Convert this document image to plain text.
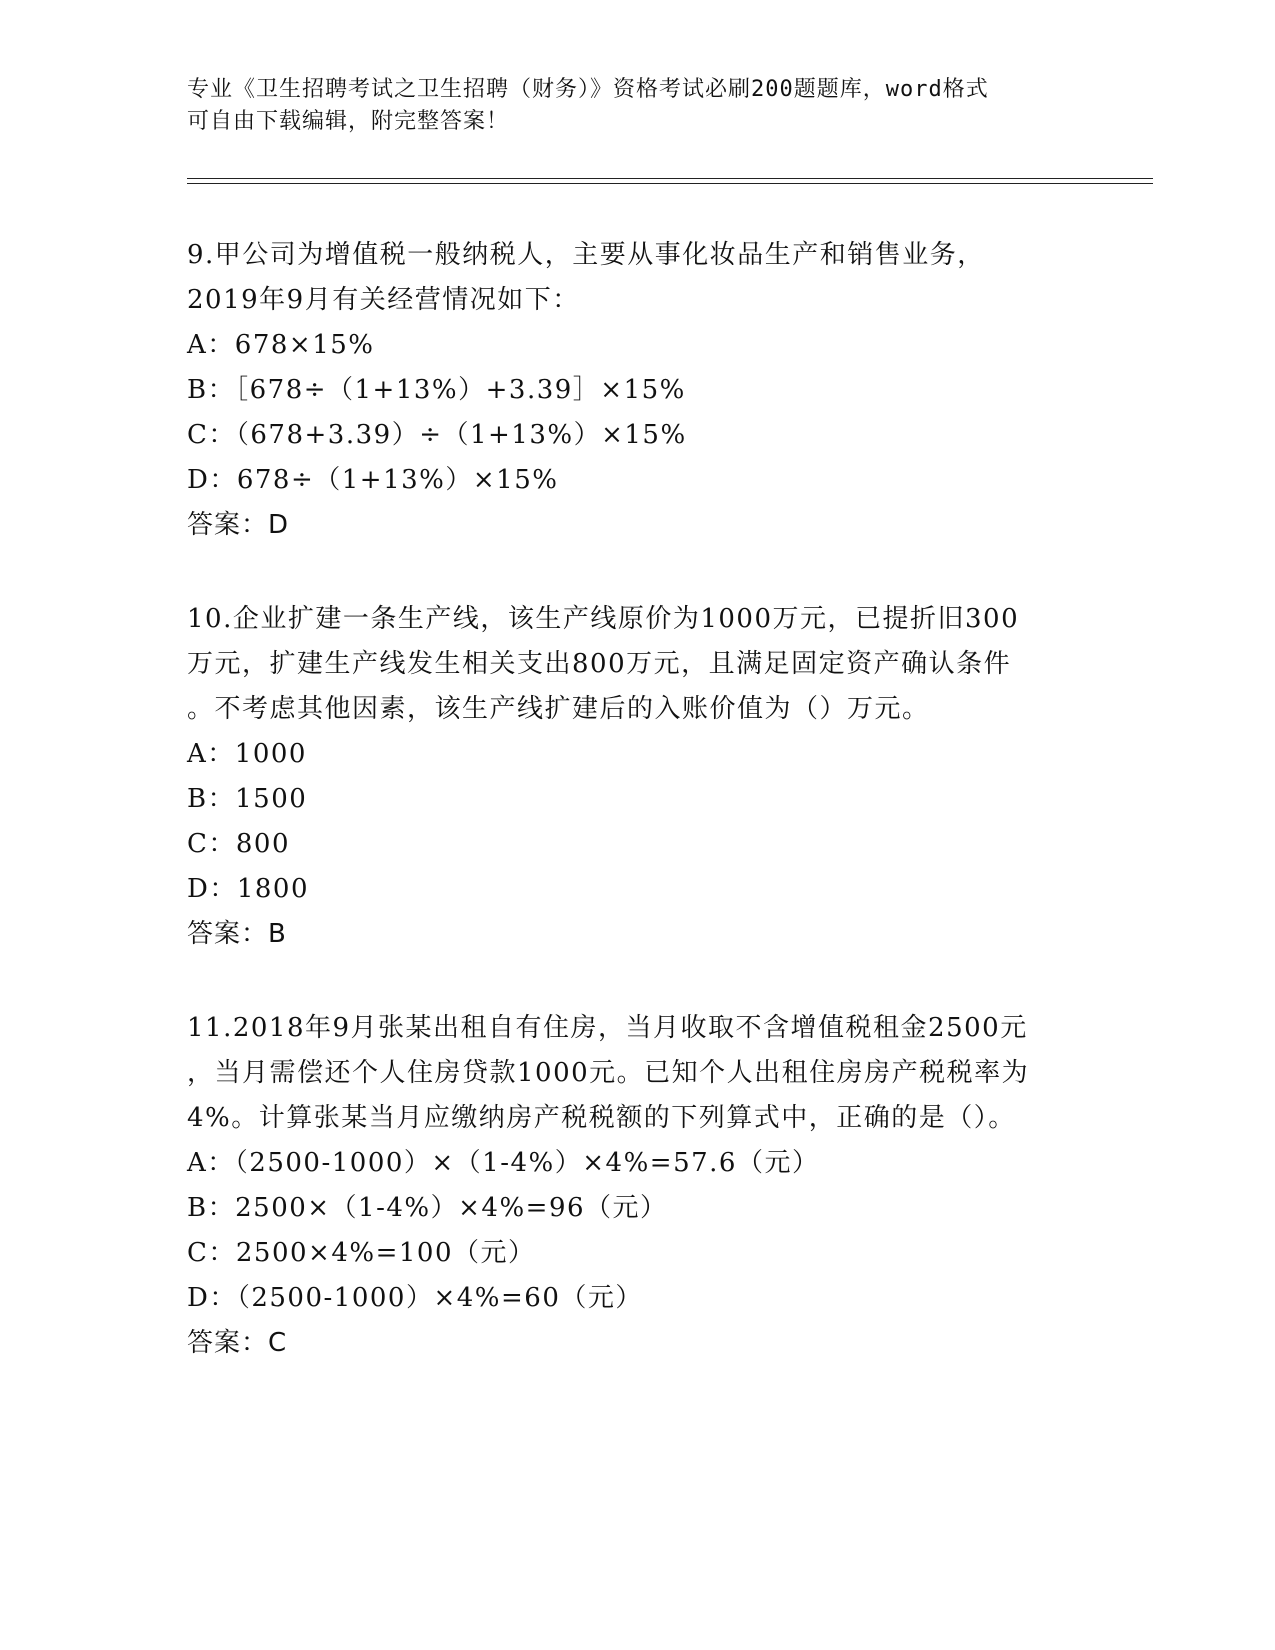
专业《卫生招聘考试之卫生招聘（财务）》资格考试必刷200题题库，word格式
可自由下载编辑，附完整答案！
9.甲公司为增值税一般纳税人，主要从事化妆品生产和销售业务，
2019年9月有关经营情况如下：
A：678×15%
B：［678÷（1+13%）+3.39］×15%
C：（678+3.39）÷（1+13%）×15%
D：678÷（1+13%）×15%
答案：D
10.企业扩建一条生产线，该生产线原价为1000万元，已提折旧300
万元，扩建生产线发生相关支出800万元，且满足固定资产确认条件
。不考虑其他因素，该生产线扩建后的入账价值为（）万元。
A：1000
B：1500
C：800
D：1800
答案：B
11.2018年9月张某出租自有住房，当月收取不含增值税租金2500元
，当月需偿还个人住房贷款1000元。已知个人出租住房房产税税率为
4%。计算张某当月应缴纳房产税税额的下列算式中，正确的是（）。
A：（2500-1000）×（1-4%）×4%=57.6（元）
B：2500×（1-4%）×4%=96（元）
C：2500×4%=100（元）
D：（2500-1000）×4%=60（元）
答案：C
